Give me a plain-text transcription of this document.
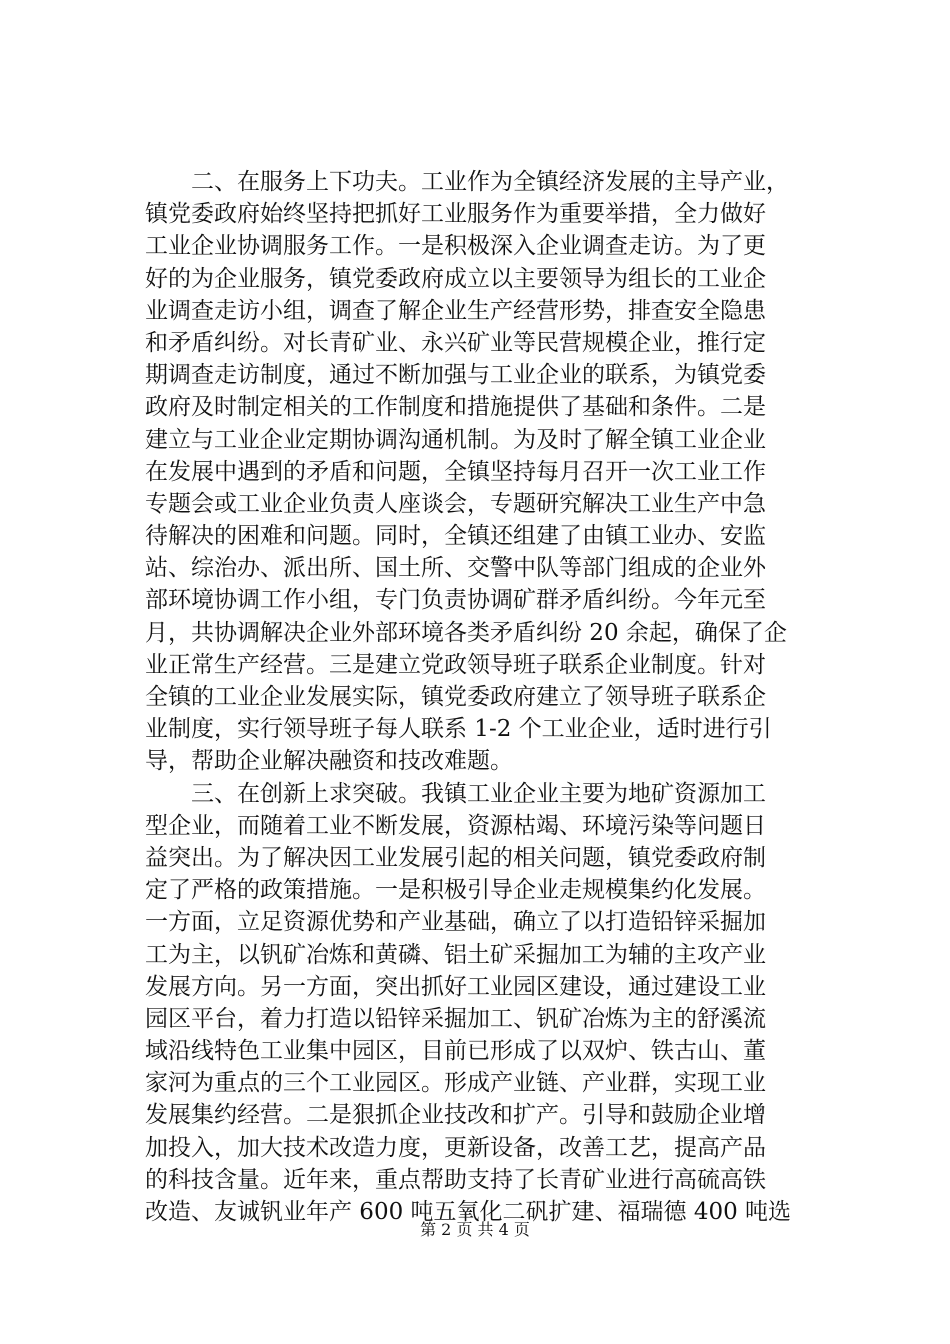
　　二、在服务上下功夫。工业作为全镇经济发展的主导产业，
镇党委政府始终坚持把抓好工业服务作为重要举措，全力做好
工业企业协调服务工作。一是积极深入企业调查走访。为了更
好的为企业服务，镇党委政府成立以主要领导为组长的工业企
业调查走访小组，调查了解企业生产经营形势，排查安全隐患
和矛盾纠纷。对长青矿业、永兴矿业等民营规模企业，推行定
期调查走访制度，通过不断加强与工业企业的联系，为镇党委
政府及时制定相关的工作制度和措施提供了基础和条件。二是
建立与工业企业定期协调沟通机制。为及时了解全镇工业企业
在发展中遇到的矛盾和问题，全镇坚持每月召开一次工业工作
专题会或工业企业负责人座谈会，专题研究解决工业生产中急
待解决的困难和问题。同时，全镇还组建了由镇工业办、安监
站、综治办、派出所、国土所、交警中队等部门组成的企业外
部环境协调工作小组，专门负责协调矿群矛盾纠纷。今年元至
月，共协调解决企业外部环境各类矛盾纠纷 20 余起，确保了企
业正常生产经营。三是建立党政领导班子联系企业制度。针对
全镇的工业企业发展实际，镇党委政府建立了领导班子联系企
业制度，实行领导班子每人联系 1-2 个工业企业，适时进行引
导，帮助企业解决融资和技改难题。
　　三、在创新上求突破。我镇工业企业主要为地矿资源加工
型企业，而随着工业不断发展，资源枯竭、环境污染等问题日
益突出。为了解决因工业发展引起的相关问题，镇党委政府制
定了严格的政策措施。一是积极引导企业走规模集约化发展。
一方面，立足资源优势和产业基础，确立了以打造铅锌采掘加
工为主，以钒矿冶炼和黄磷、铝土矿采掘加工为辅的主攻产业
发展方向。另一方面，突出抓好工业园区建设，通过建设工业
园区平台，着力打造以铅锌采掘加工、钒矿冶炼为主的舒溪流
域沿线特色工业集中园区，目前已形成了以双炉、铁古山、董
家河为重点的三个工业园区。形成产业链、产业群，实现工业
发展集约经营。二是狠抓企业技改和扩产。引导和鼓励企业增
加投入，加大技术改造力度，更新设备，改善工艺，提高产品
的科技含量。近年来，重点帮助支持了长青矿业进行高硫高铁
改造、友诚钒业年产 600 吨五氧化二矾扩建、福瑞德 400 吨选
第 2 页 共 4 页
